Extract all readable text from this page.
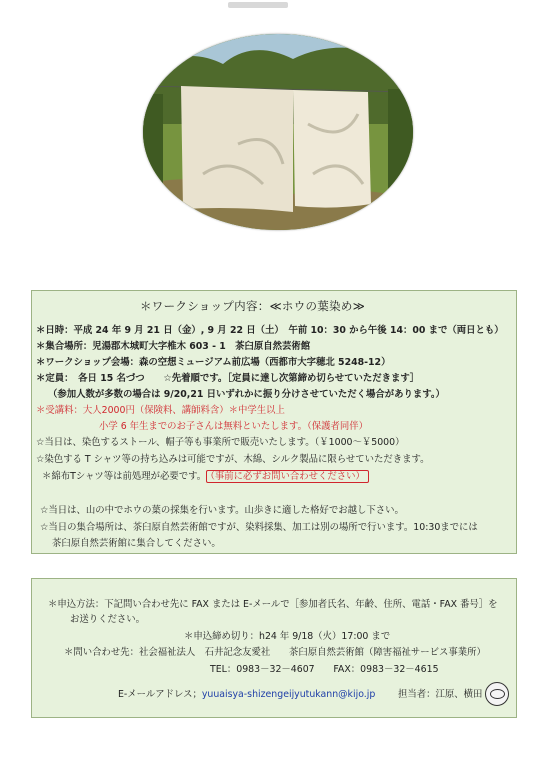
＊ワークショップ内容：≪ホウの葉染め≫
＊日時：平成 24 年 9 月 21 日（金）, 9 月 22 日（土）　午前 10：30 から午後 14：00 まで（両日とも）
＊集合場所：児湯郡木城町大字椎木 603 - 1　茶臼原自然芸術館
＊ワークショップ会場：森の空想ミュージアム前広場（西都市大字穂北 5248-12）
＊定員：　各日 15 名づつ　　☆先着順です。［定員に達し次第締め切らせていただきます］
（参加人数が多数の場合は 9/20,21 日いずれかに振り分けさせていただく場合があります。）
＊受講料：大人2000円（保険料、講師料含）＊中学生以上
小学 6 年生までのお子さんは無料といたします。（保護者同伴）
☆当日は、染色するストール、帽子等も事業所で販売いたします。（￥1000～￥5000）
☆染色する T シャツ等の持ち込みは可能ですが、木綿、シルク製品に限らせていただきます。
＊綿布Tシャツ等は前処理が必要です。 （事前に必ずお問い合わせください）
☆当日は、山の中でホウの葉の採集を行います。山歩きに適した格好でお越し下さい。
☆当日の集合場所は、茶臼原自然芸術館ですが、染料採集、加工は別の場所で行います。10:30までには
茶臼原自然芸術館に集合してください。
＊申込方法：下記問い合わせ先に FAX または E-メールで［参加者氏名、年齢、住所、電話・FAX 番号］を
お送りください。
＊申込締め切り：h24 年 9/18（火）17:00 まで
＊問い合わせ先：社会福祉法人　石井記念友愛社　　茶臼原自然芸術館（障害福祉サービス事業所）
TEL：0983－32－4607　　FAX：0983－32－4615
E-メールアドレス；yuuaisya-shizengeijyutukann@kijo.jp 担当者：江原、横田
